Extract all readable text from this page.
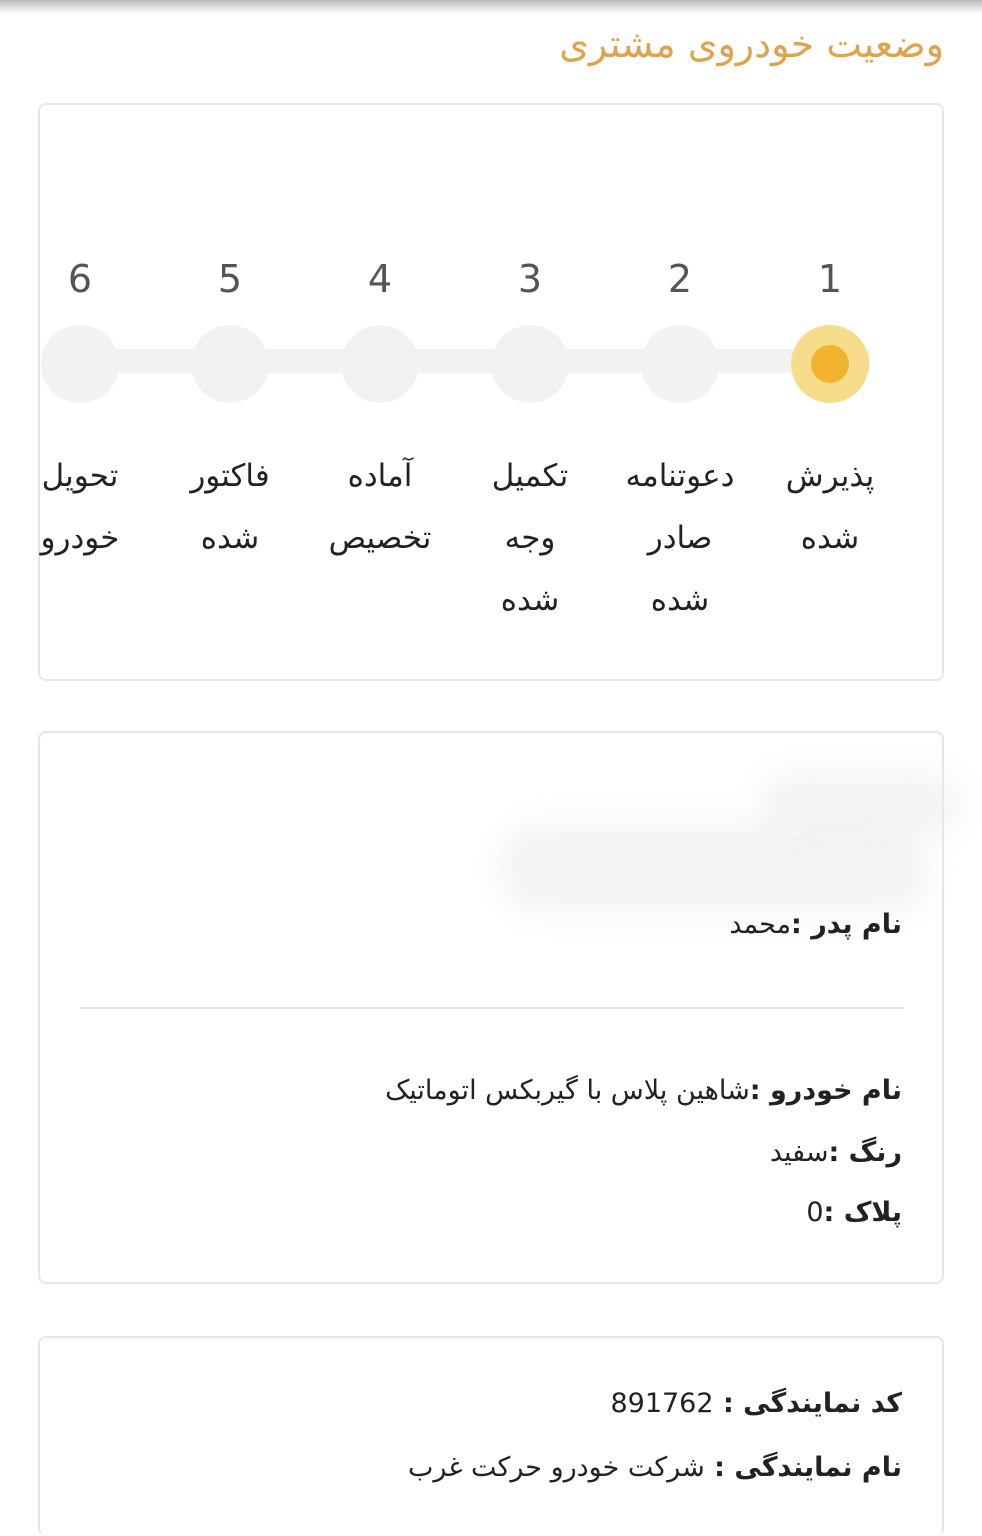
وضعیت خودروی مشتری
1
پذیرش
شده
2
دعوتنامه
صادر
شده
3
تکمیل
وجه
شده
4
آماده
تخصیص
5
فاکتور
شده
6
تحویل
خودرو
نام پدر :محمد
نام خودرو :شاهین پلاس با گیربکس اتوماتیک
رنگ :سفید
پلاک :0
کد نمایندگی : 891762
نام نمایندگی : شرکت خودرو حرکت غرب
